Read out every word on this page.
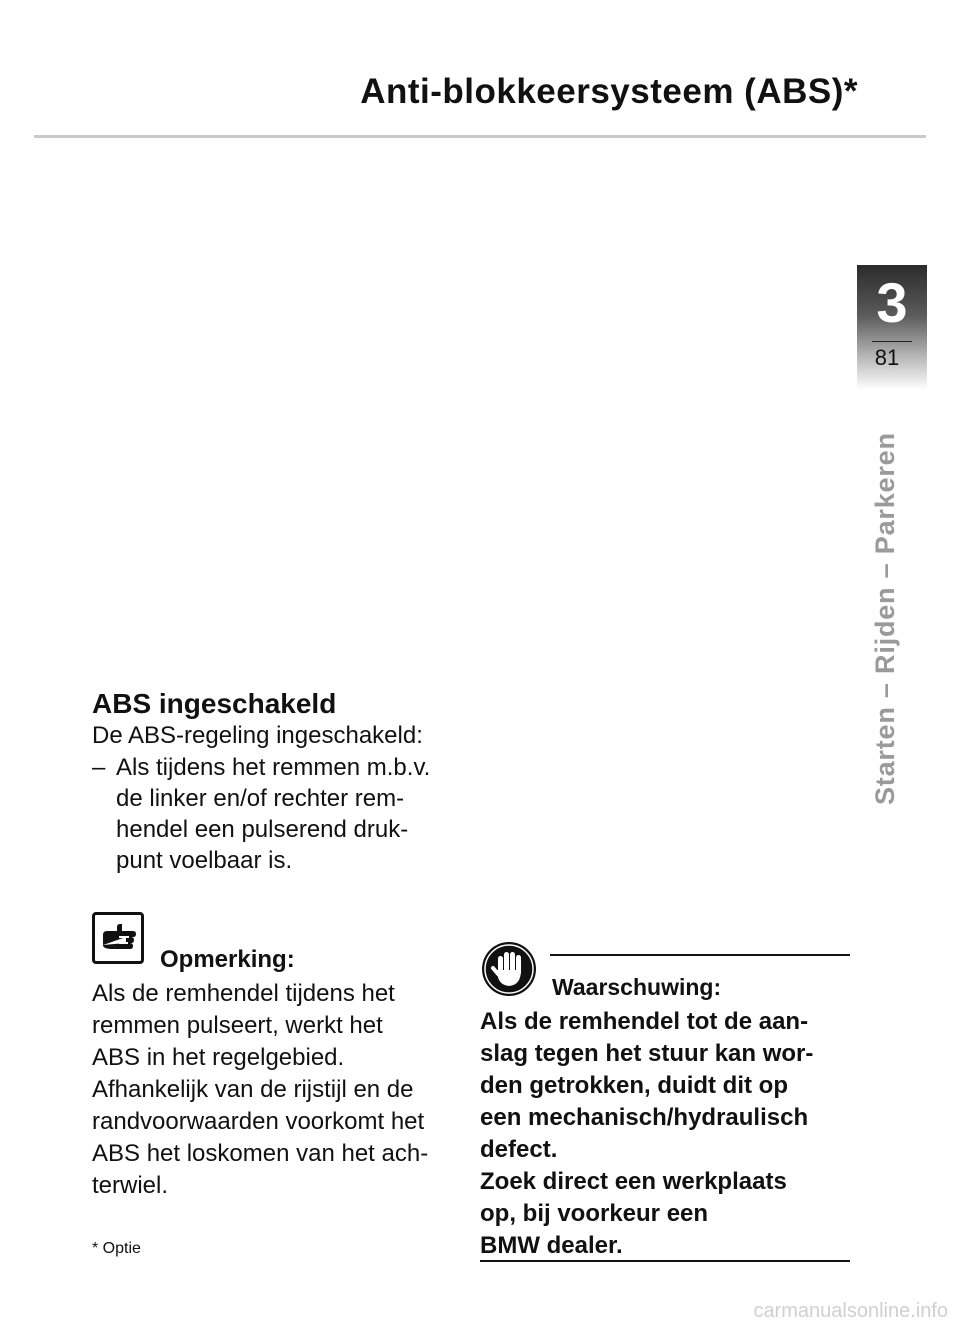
Anti-blokkeersysteem (ABS)*
3
81
Starten – Rijden – Parkeren
ABS ingeschakeld

De ABS-regeling ingeschakeld:

– Als tijdens het remmen m.b.v.
de linker en/of rechter rem-
hendel een pulserend druk-
punt voelbaar is.
Opmerking:
Als de remhendel tijdens het
remmen pulseert, werkt het
ABS in het regelgebied.
Afhankelijk van de rijstijl en de
randvoorwaarden voorkomt het
ABS het loskomen van het ach-
terwiel.

* Optie

Waarschuwing:
Als de remhendel tot de aan-
slag tegen het stuur kan wor-
den getrokken, duidt dit op
een mechanisch/hydraulisch
defect.
Zoek direct een werkplaats
op, bij voorkeur een
BMW dealer.
carmanualsonline.info
